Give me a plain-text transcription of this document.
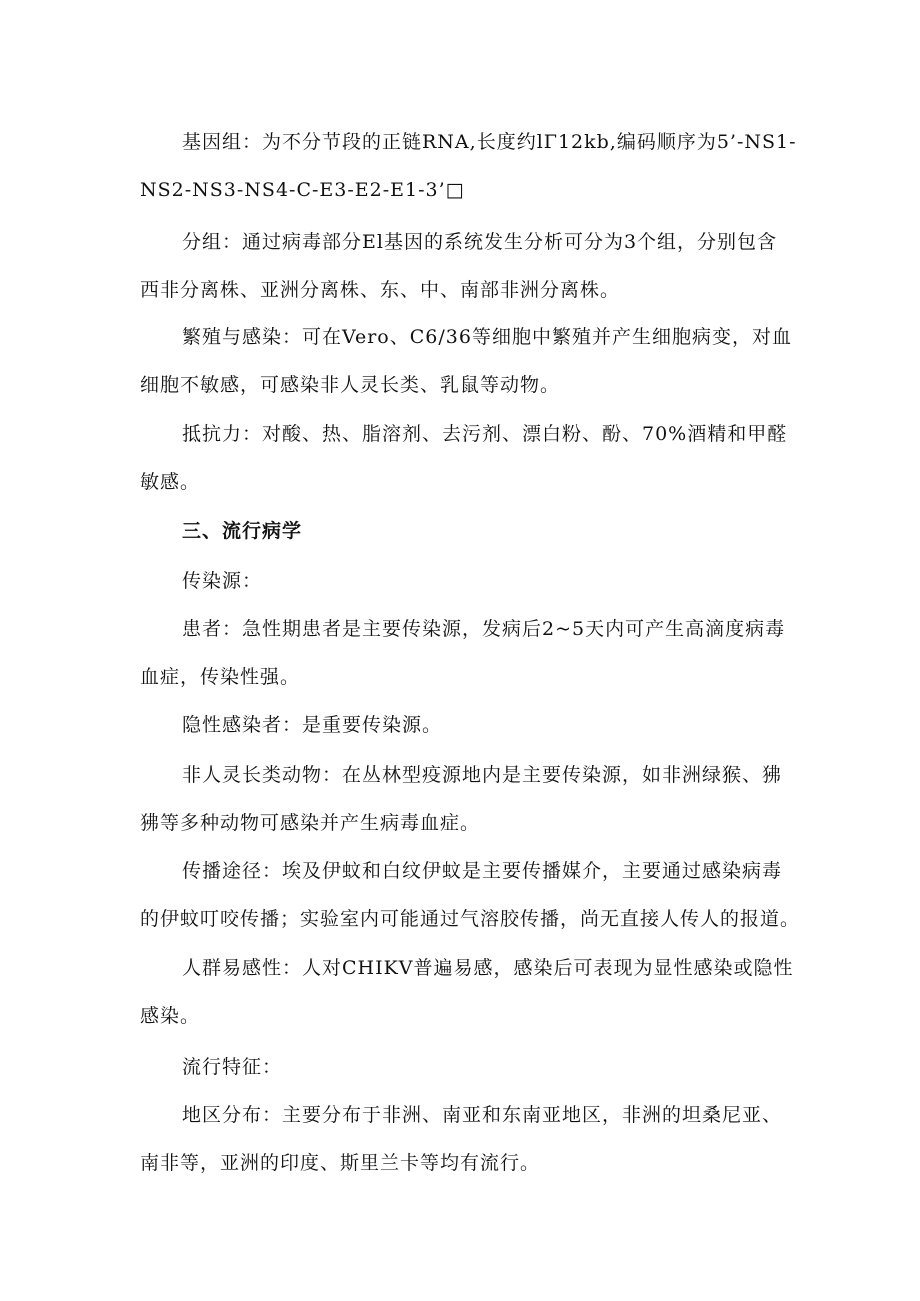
基因组：为不分节段的正链RNA,长度约lΓ12kb,编码顺序为5’-NS1-
NS2-NS3-NS4-C-E3-E2-E1-3’□
分组：通过病毒部分El基因的系统发生分析可分为3个组，分别包含
西非分离株、亚洲分离株、东、中、南部非洲分离株。
繁殖与感染：可在Vero、C6/36等细胞中繁殖并产生细胞病变，对血
细胞不敏感，可感染非人灵长类、乳鼠等动物。
抵抗力：对酸、热、脂溶剂、去污剂、漂白粉、酚、70%酒精和甲醛
敏感。
三、流行病学
传染源：
患者：急性期患者是主要传染源，发病后2~5天内可产生高滴度病毒
血症，传染性强。
隐性感染者：是重要传染源。
非人灵长类动物：在丛林型疫源地内是主要传染源，如非洲绿猴、狒
狒等多种动物可感染并产生病毒血症。
传播途径：埃及伊蚊和白纹伊蚊是主要传播媒介，主要通过感染病毒
的伊蚊叮咬传播；实验室内可能通过气溶胶传播，尚无直接人传人的报道。
人群易感性：人对CHIKV普遍易感，感染后可表现为显性感染或隐性
感染。
流行特征：
地区分布：主要分布于非洲、南亚和东南亚地区，非洲的坦桑尼亚、
南非等，亚洲的印度、斯里兰卡等均有流行。
